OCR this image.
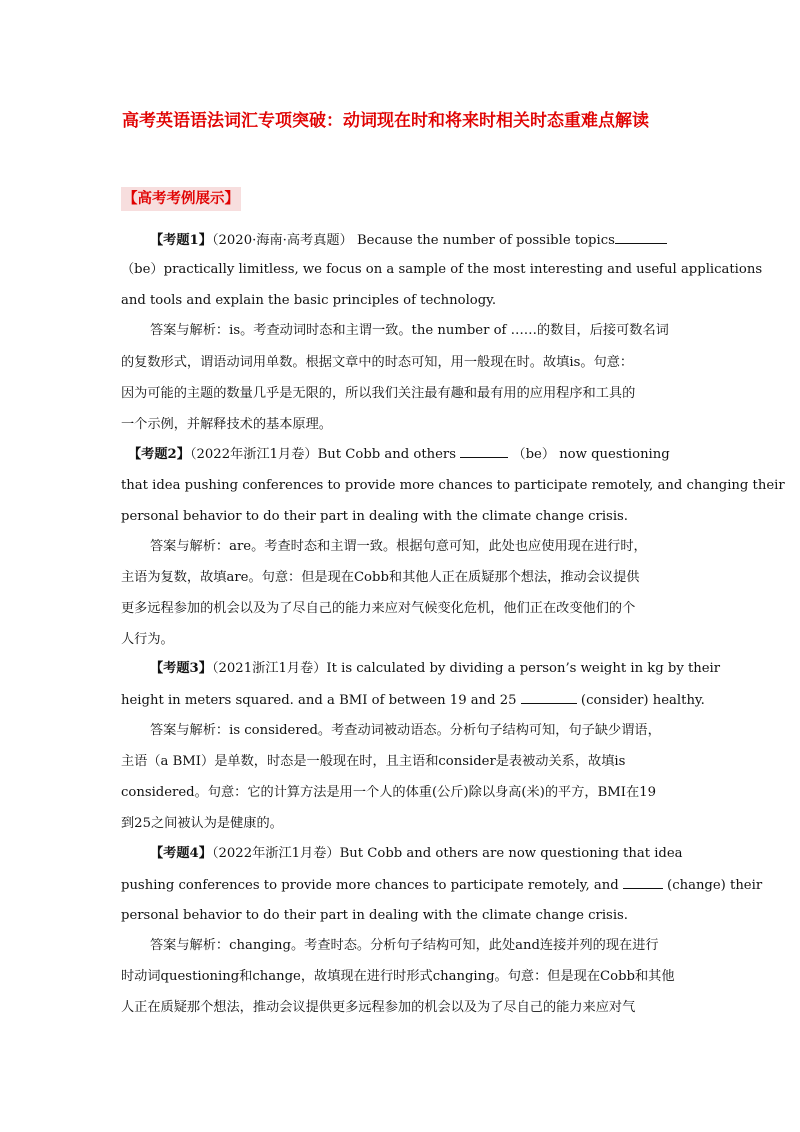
高考英语语法词汇专项突破：动词现在时和将来时相关时态重难点解读
【高考考例展示】
【考题1】（2020·海南·高考真题） Because the number of possible topics
（be）practically limitless, we focus on a sample of the most interesting and useful applications
and tools and explain the basic principles of technology.
答案与解析：is。考查动词时态和主谓一致。the number of ……的数目，后接可数名词
的复数形式，谓语动词用单数。根据文章中的时态可知，用一般现在时。故填is。句意：
因为可能的主题的数量几乎是无限的，所以我们关注最有趣和最有用的应用程序和工具的
一个示例，并解释技术的基本原理。
【考题2】（2022年浙江1月卷）But Cobb and others	（be） now questioning
that idea pushing conferences to provide more chances to participate remotely, and changing their
personal behavior to do their part in dealing with the climate change crisis.
答案与解析：are。考查时态和主谓一致。根据句意可知，此处也应使用现在进行时，
主语为复数，故填are。句意：但是现在Cobb和其他人正在质疑那个想法，推动会议提供
更多远程参加的机会以及为了尽自己的能力来应对气候变化危机，他们正在改变他们的个
人行为。
【考题3】（2021浙江1月卷）It is calculated by dividing a person’s weight in kg by their
height in meters squared. and a BMI of between 19 and 25	(consider) healthy.
答案与解析：is considered。考查动词被动语态。分析句子结构可知，句子缺少谓语，
主语（a BMI）是单数，时态是一般现在时，且主语和consider是表被动关系，故填is
considered。句意：它的计算方法是用一个人的体重(公斤)除以身高(米)的平方，BMI在19
到25之间被认为是健康的。
【考题4】（2022年浙江1月卷）But Cobb and others are now questioning that idea
pushing conferences to provide more chances to participate remotely, and	(change) their
personal behavior to do their part in dealing with the climate change crisis.
答案与解析：changing。考查时态。分析句子结构可知，此处and连接并列的现在进行
时动词questioning和change，故填现在进行时形式changing。句意：但是现在Cobb和其他
人正在质疑那个想法，推动会议提供更多远程参加的机会以及为了尽自己的能力来应对气
